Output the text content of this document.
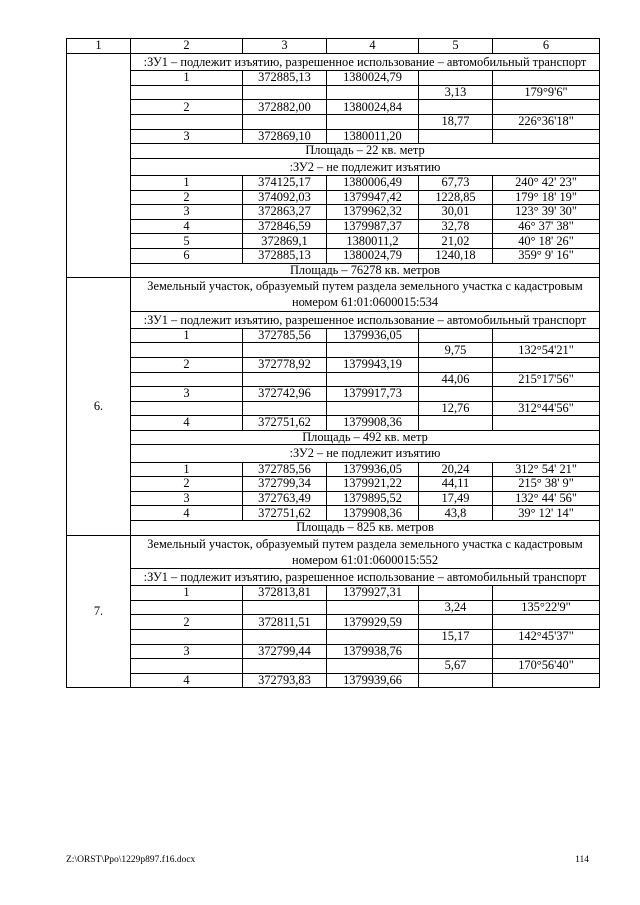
1	2	3	4	5	6
	:ЗУ1 – подлежит изъятию, разрешенное использование – автомобильный транспорт				
	1	372885,13	1380024,79		
				3,13	179°9'6"
	2	372882,00	1380024,84		
				18,77	226°36'18"
	3	372869,10	1380011,20		
	Площадь – 22 кв. метр				
	:ЗУ2 – не подлежит изъятию				
	1	374125,17	1380006,49	67,73	240° 42' 23"
	2	374092,03	1379947,42	1228,85	179° 18' 19"
	3	372863,27	1379962,32	30,01	123° 39' 30"
	4	372846,59	1379987,37	32,78	46° 37' 38"
	5	372869,1	1380011,2	21,02	40° 18' 26"
	6	372885,13	1380024,79	1240,18	359° 9' 16"
	Площадь – 76278 кв. метров				
6.	Земельный участок, образуемый путем раздела земельного участка с кадастровым номером 61:01:0600015:534				
	:ЗУ1 – подлежит изъятию, разрешенное использование – автомобильный транспорт				
	1	372785,56	1379936,05		
				9,75	132°54'21"
	2	372778,92	1379943,19		
				44,06	215°17'56"
	3	372742,96	1379917,73		
				12,76	312°44'56"
	4	372751,62	1379908,36		
	Площадь – 492 кв. метр				
	:ЗУ2 – не подлежит изъятию				
	1	372785,56	1379936,05	20,24	312° 54' 21"
	2	372799,34	1379921,22	44,11	215° 38' 9"
	3	372763,49	1379895,52	17,49	132° 44' 56"
	4	372751,62	1379908,36	43,8	39° 12' 14"
	Площадь – 825 кв. метров				
7.	Земельный участок, образуемый путем раздела земельного участка с кадастровым номером 61:01:0600015:552				
	:ЗУ1 – подлежит изъятию, разрешенное использование – автомобильный транспорт				
	1	372813,81	1379927,31		
				3,24	135°22'9"
	2	372811,51	1379929,59		
				15,17	142°45'37"
	3	372799,44	1379938,76		
				5,67	170°56'40"
	4	372793,83	1379939,66		
Z:\ORST\Ppo\1229p897.f16.docx	114
